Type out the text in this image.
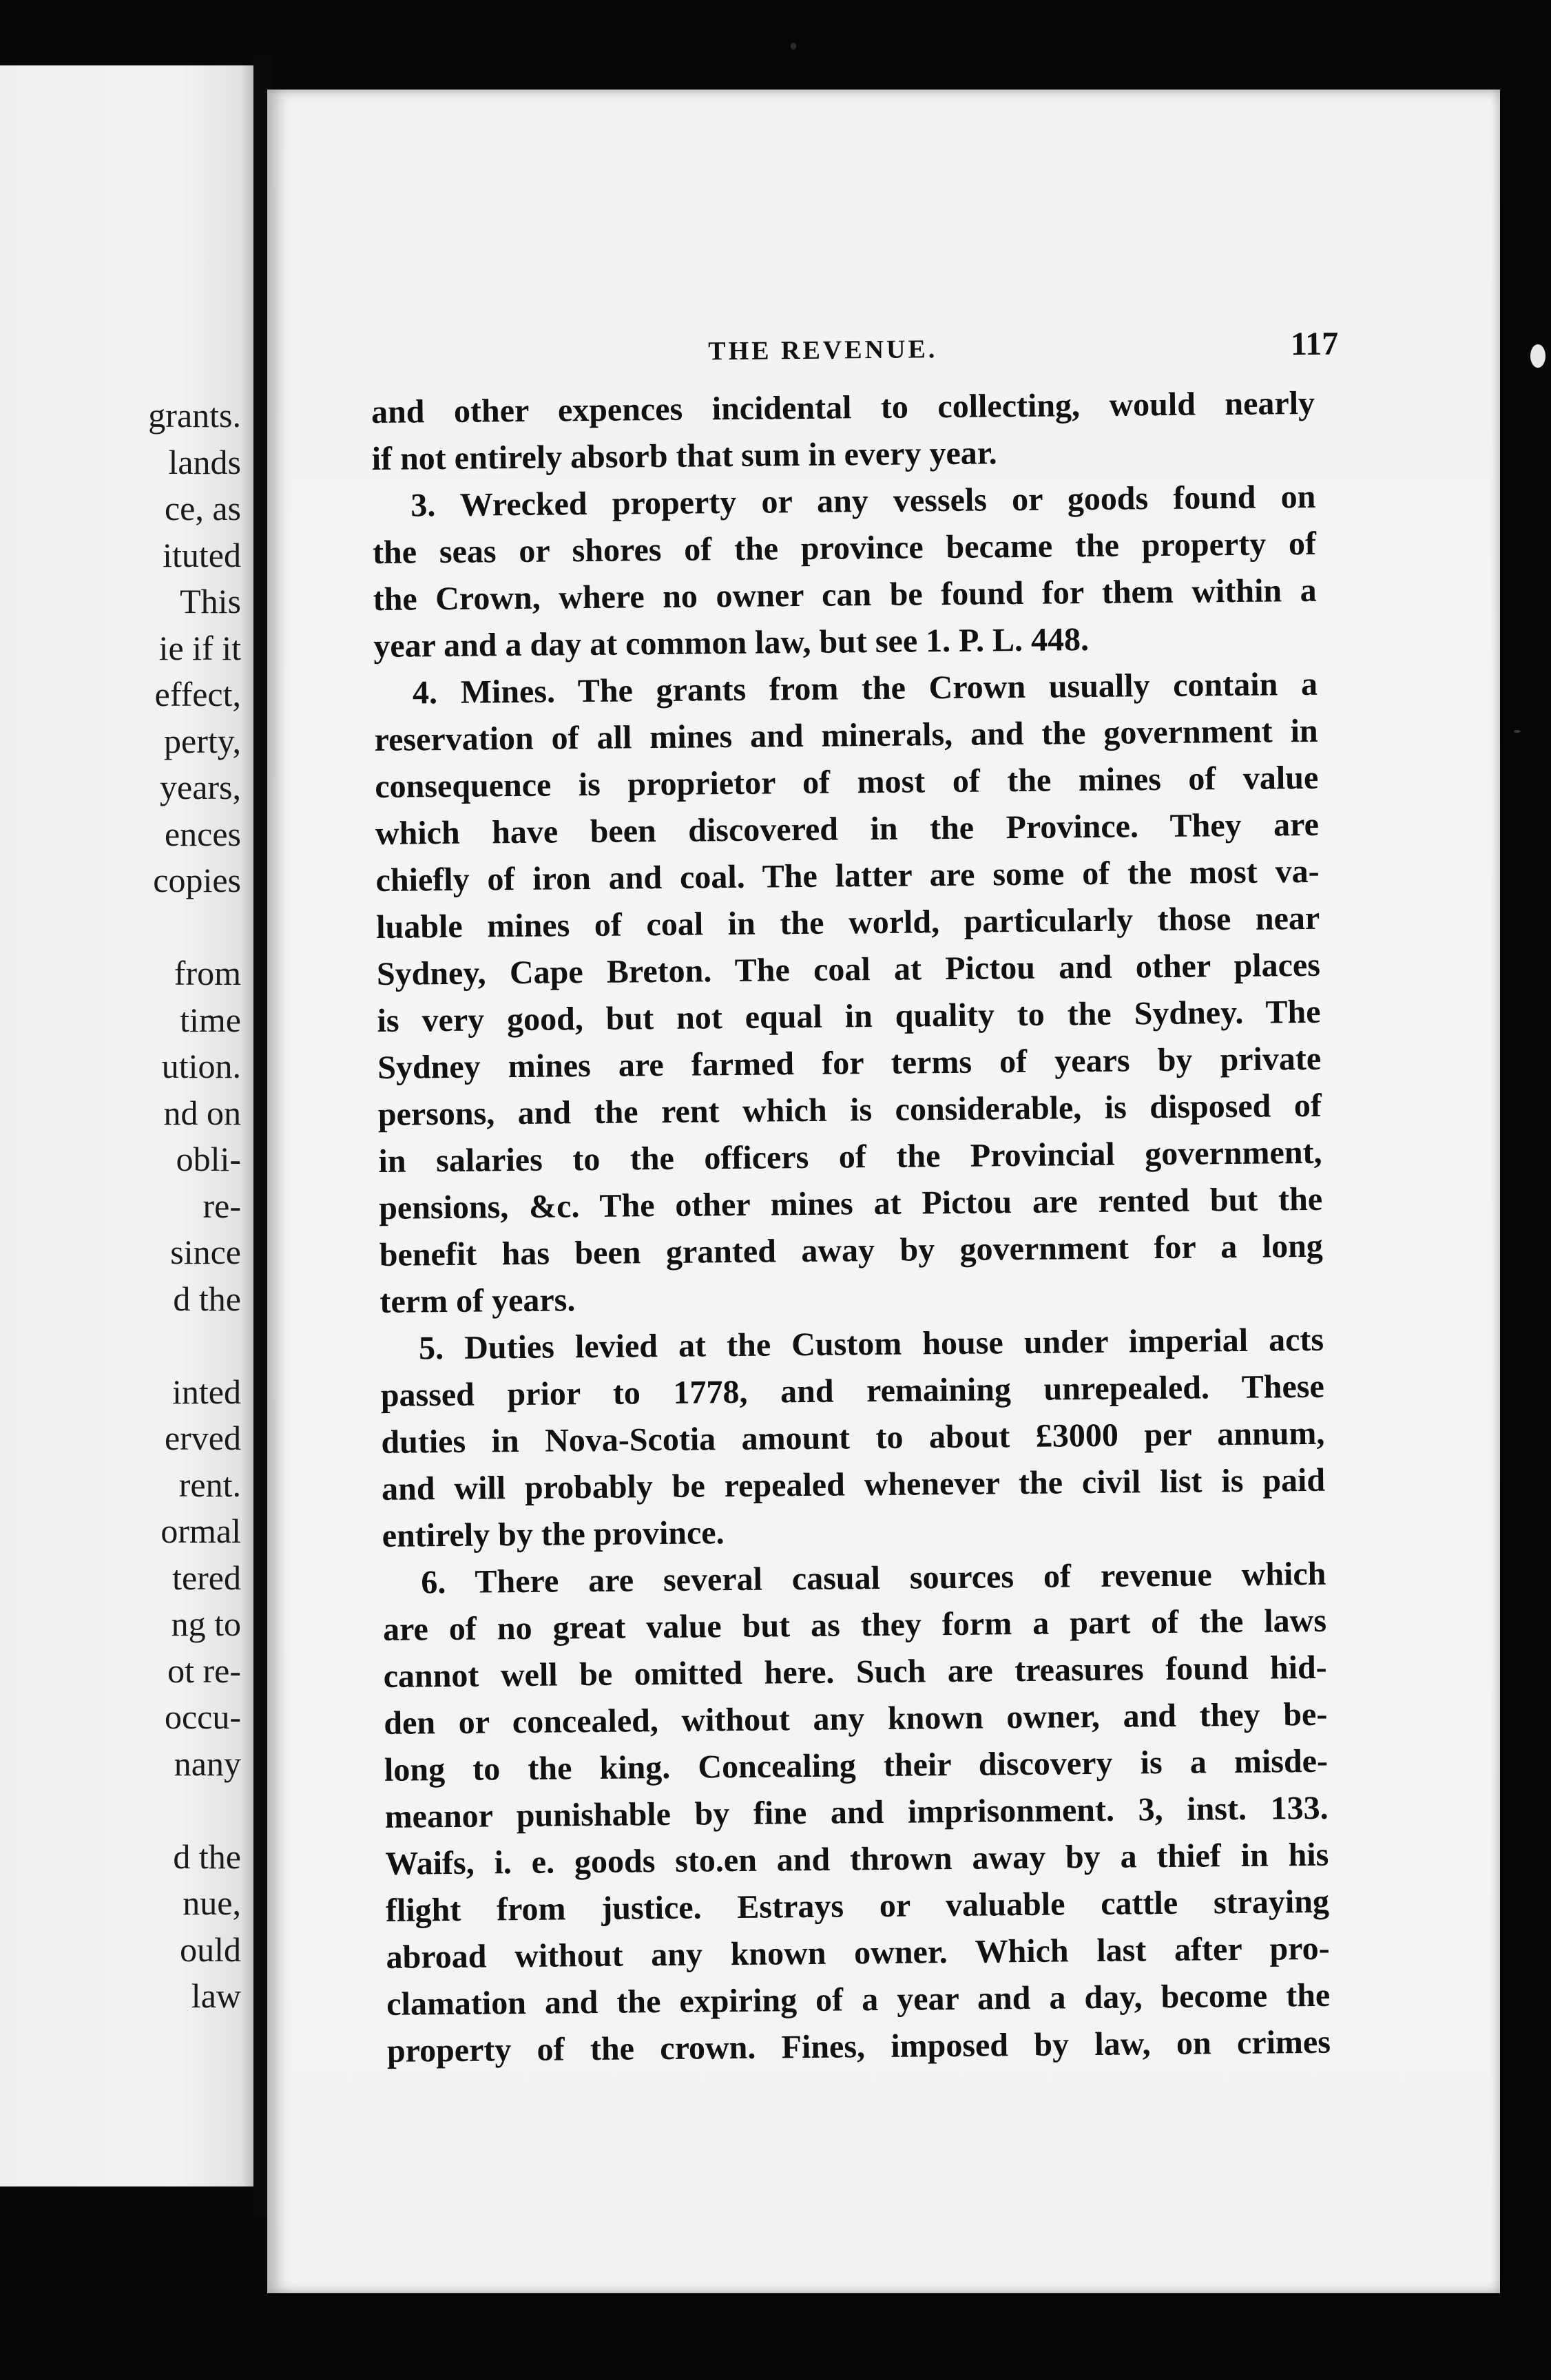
grants.
lands
ce, as
ituted
This
ie if it
effect,
perty,
years,
ences
copies
from
time
ution.
nd on
obli-
re-
since
d the
inted
erved
rent.
ormal
tered
ng to
ot re-
occu-
nany
d the
nue,
ould
law
THE REVENUE.	117
and other expences incidental to collecting, would nearly
if not entirely absorb that sum in every year.
3. Wrecked property or any vessels or goods found on
the seas or shores of the province became the property of
the Crown, where no owner can be found for them within a
year and a day at common law, but see 1. P. L. 448.
4. Mines. The grants from the Crown usually contain a
reservation of all mines and minerals, and the government in
consequence is proprietor of most of the mines of value
which have been discovered in the Province. They are
chiefly of iron and coal. The latter are some of the most va-
luable mines of coal in the world, particularly those near
Sydney, Cape Breton. The coal at Pictou and other places
is very good, but not equal in quality to the Sydney. The
Sydney mines are farmed for terms of years by private
persons, and the rent which is considerable, is disposed of
in salaries to the officers of the Provincial government,
pensions, &c. The other mines at Pictou are rented but the
benefit has been granted away by government for a long
term of years.
5. Duties levied at the Custom house under imperial acts
passed prior to 1778, and remaining unrepealed. These
duties in Nova-Scotia amount to about £3000 per annum,
and will probably be repealed whenever the civil list is paid
entirely by the province.
6. There are several casual sources of revenue which
are of no great value but as they form a part of the laws
cannot well be omitted here. Such are treasures found hid-
den or concealed, without any known owner, and they be-
long to the king. Concealing their discovery is a misde-
meanor punishable by fine and imprisonment. 3, inst. 133.
Waifs, i. e. goods sto.en and thrown away by a thief in his
flight from justice. Estrays or valuable cattle straying
abroad without any known owner. Which last after pro-
clamation and the expiring of a year and a day, become the
property of the crown. Fines, imposed by law, on crimes
